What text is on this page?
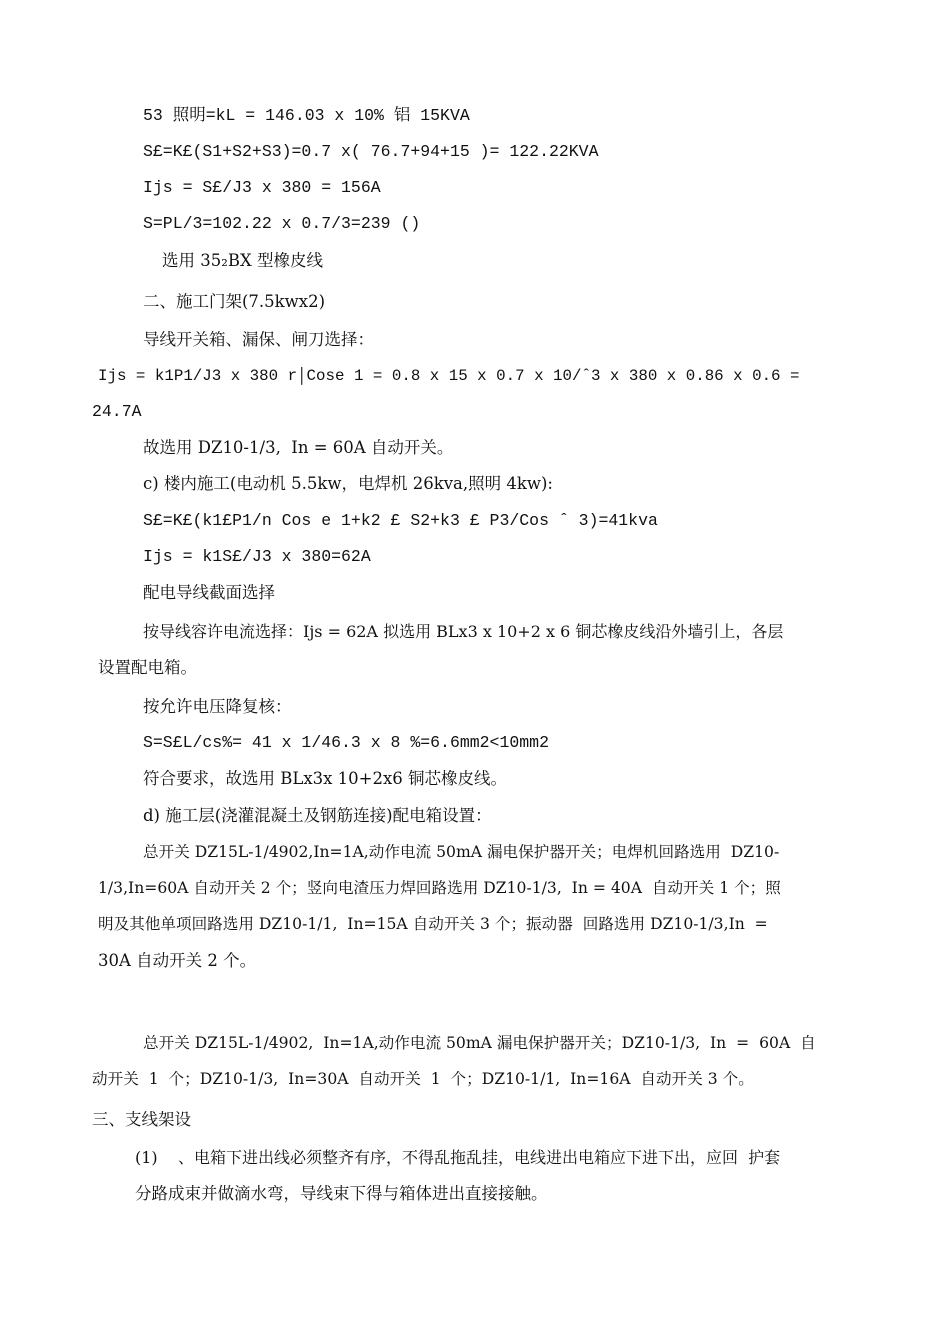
53 照明=kL = 146.03 x 10% 铝 15KVA
S£=K£(S1+S2+S3)=0.7 x( 76.7+94+15 )= 122.22KVA
Ijs = S£/J3 x 380 = 156A
S=PL/3=102.22 x 0.7/3=239 ()
选用 35₂BX 型橡皮线
二、施工门架(7.5kwx2)
导线开关箱、漏保、闸刀选择：
Ijs = k1P1/J3 x 380 r│Cose 1 = 0.8 x 15 x 0.7 x 10/ˆ3 x 380 x 0.86 x 0.6 =
24.7A
故选用 DZ10-1/3,  In = 60A 自动开关。
c) 楼内施工(电动机 5.5kw，电焊机 26kva,照明 4kw):
S£=K£(k1£P1/n Cos e 1+k2 £ S2+k3 £ P3/Cos ˆ 3)=41kva
Ijs = k1S£/J3 x 380=62A
配电导线截面选择
按导线容许电流选择：Ijs = 62A 拟选用 BLx3 x 10+2 x 6 铜芯橡皮线沿外墙引上，各层
设置配电箱。
按允许电压降复核：
S=S£L/cs%= 41 x 1/46.3 x 8 %=6.6mm2<10mm2
符合要求，故选用 BLx3x 10+2x6 铜芯橡皮线。
d) 施工层(浇灌混凝土及钢筋连接)配电箱设置：
总开关 DZ15L-1/4902,In=1A,动作电流 50mA 漏电保护器开关；电焊机回路选用  DZ10-
1/3,In=60A 自动开关 2 个；竖向电渣压力焊回路选用 DZ10-1/3,  In = 40A  自动开关 1 个；照
明及其他单项回路选用 DZ10-1/1,  In=15A 自动开关 3 个；振动器  回路选用 DZ10-1/3,In  =
30A 自动开关 2 个。
总开关 DZ15L-1/4902,  In=1A,动作电流 50mA 漏电保护器开关；DZ10-1/3,  In  =  60A  自
动开关  1  个；DZ10-1/3,  In=30A  自动开关  1  个；DZ10-1/1,  In=16A  自动开关 3 个。
三、支线架设
(1)    、电箱下进出线必须整齐有序，不得乱拖乱挂，电线进出电箱应下进下出，应回  护套
分路成束并做滴水弯，导线束下得与箱体进出直接接触。
